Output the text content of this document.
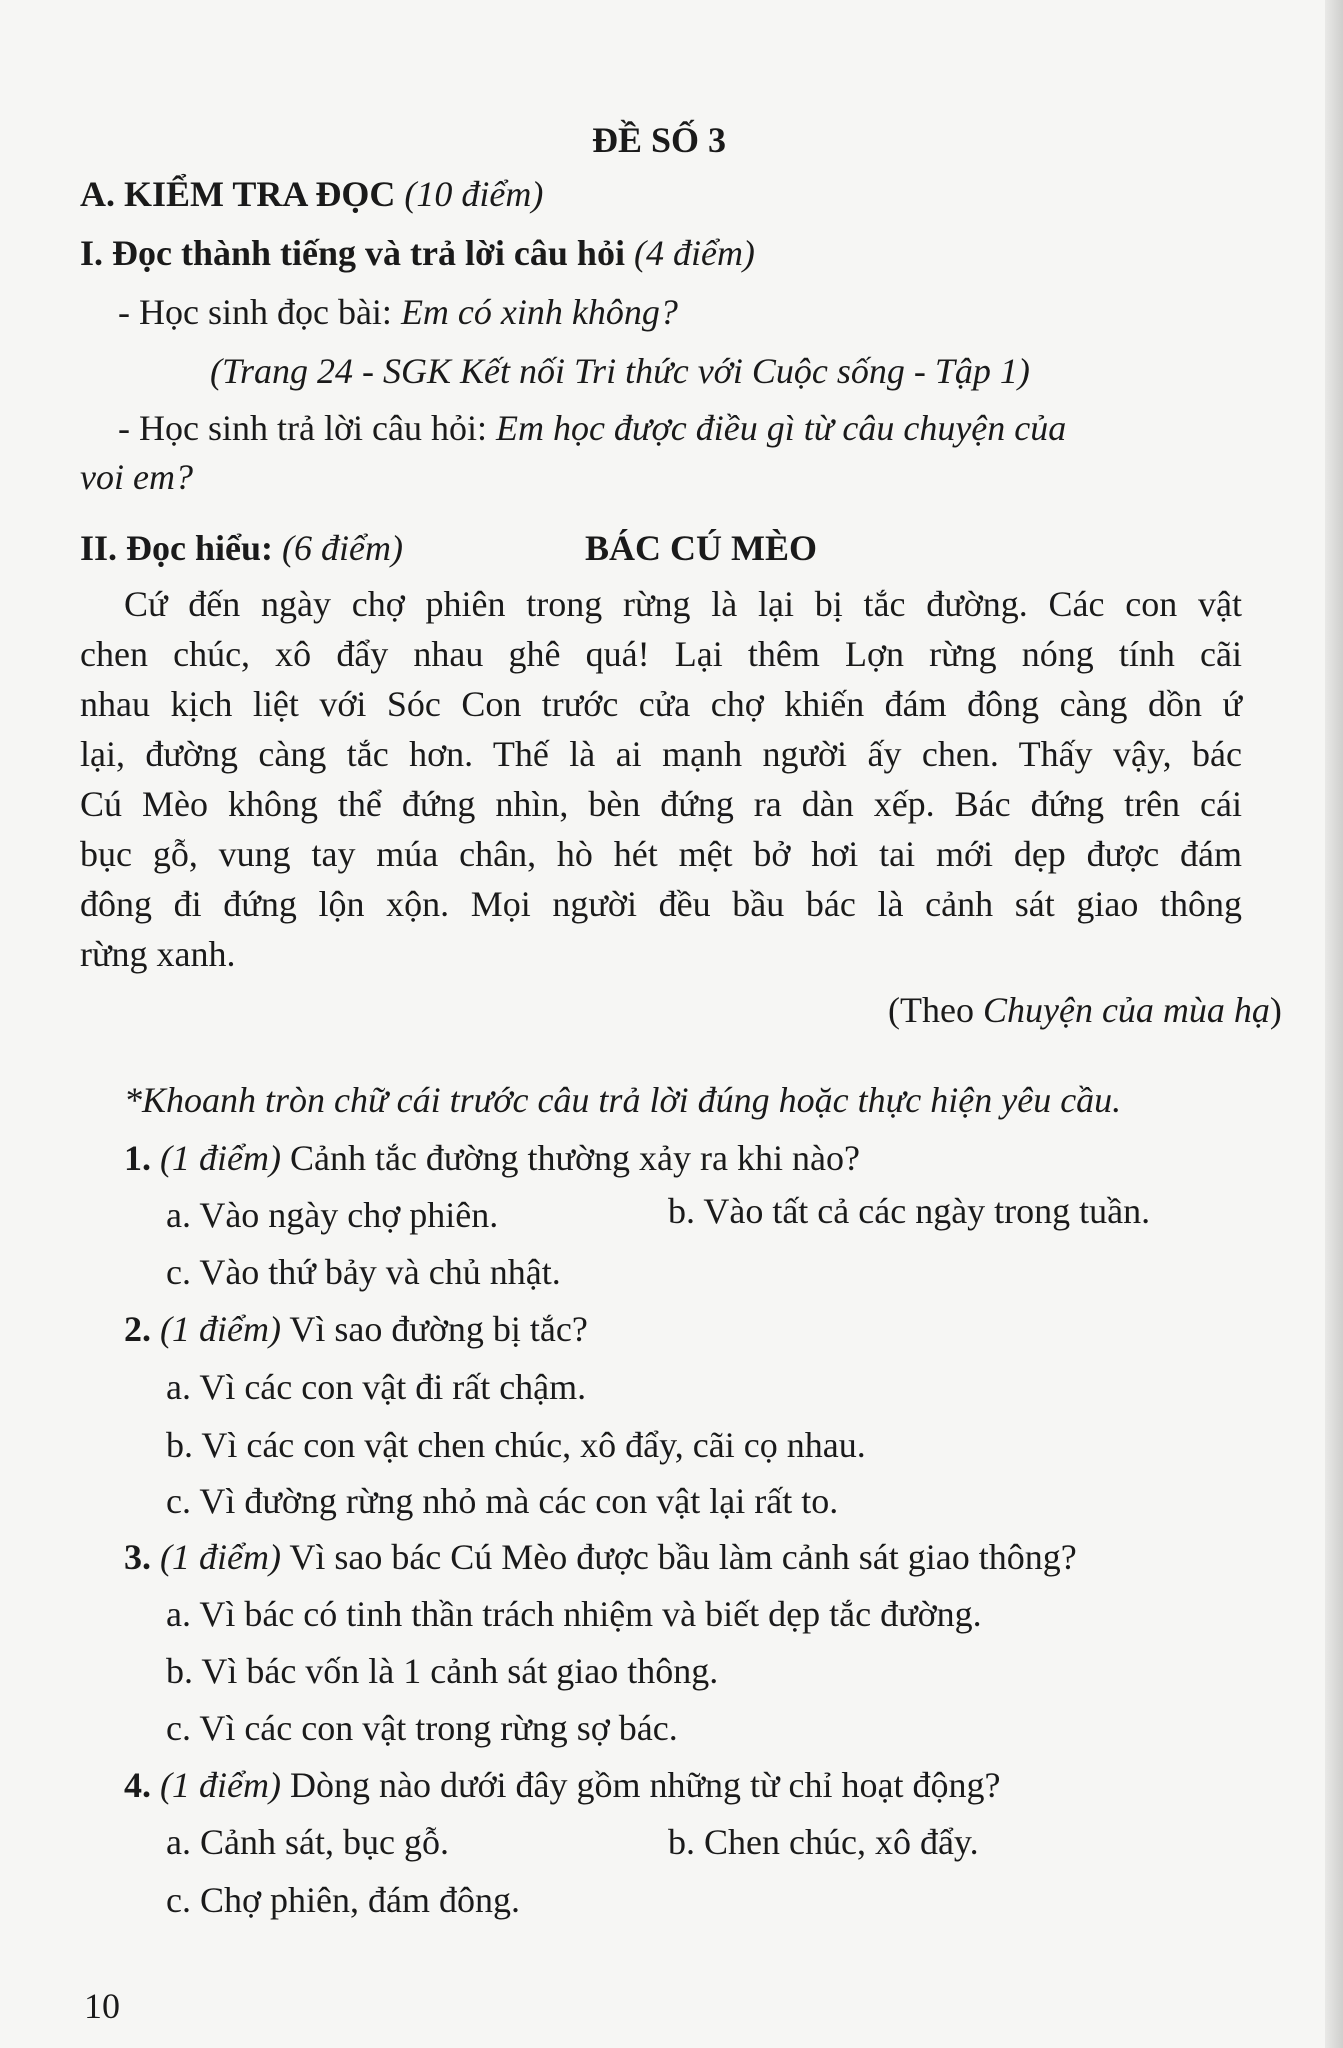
ĐỀ SỐ 3
A. KIỂM TRA ĐỌC (10 điểm)
I. Đọc thành tiếng và trả lời câu hỏi (4 điểm)
- Học sinh đọc bài: Em có xinh không?
(Trang 24 - SGK Kết nối Tri thức với Cuộc sống - Tập 1)
- Học sinh trả lời câu hỏi: Em học được điều gì từ câu chuyện của
voi em?
II. Đọc hiểu: (6 điểm)	BÁC CÚ MÈO
Cứ đến ngày chợ phiên trong rừng là lại bị tắc đường. Các con vật
chen chúc, xô đẩy nhau ghê quá! Lại thêm Lợn rừng nóng tính cãi
nhau kịch liệt với Sóc Con trước cửa chợ khiến đám đông càng dồn ứ
lại, đường càng tắc hơn. Thế là ai mạnh người ấy chen. Thấy vậy, bác
Cú Mèo không thể đứng nhìn, bèn đứng ra dàn xếp. Bác đứng trên cái
bục gỗ, vung tay múa chân, hò hét mệt bở hơi tai mới dẹp được đám
đông đi đứng lộn xộn. Mọi người đều bầu bác là cảnh sát giao thông
rừng xanh.
(Theo Chuyện của mùa hạ)
*Khoanh tròn chữ cái trước câu trả lời đúng hoặc thực hiện yêu cầu.
1. (1 điểm) Cảnh tắc đường thường xảy ra khi nào?
a. Vào ngày chợ phiên.	b. Vào tất cả các ngày trong tuần.
c. Vào thứ bảy và chủ nhật.
2. (1 điểm) Vì sao đường bị tắc?
a. Vì các con vật đi rất chậm.
b. Vì các con vật chen chúc, xô đẩy, cãi cọ nhau.
c. Vì đường rừng nhỏ mà các con vật lại rất to.
3. (1 điểm) Vì sao bác Cú Mèo được bầu làm cảnh sát giao thông?
a. Vì bác có tinh thần trách nhiệm và biết dẹp tắc đường.
b. Vì bác vốn là 1 cảnh sát giao thông.
c. Vì các con vật trong rừng sợ bác.
4. (1 điểm) Dòng nào dưới đây gồm những từ chỉ hoạt động?
a. Cảnh sát, bục gỗ.	b. Chen chúc, xô đẩy.
c. Chợ phiên, đám đông.
10
